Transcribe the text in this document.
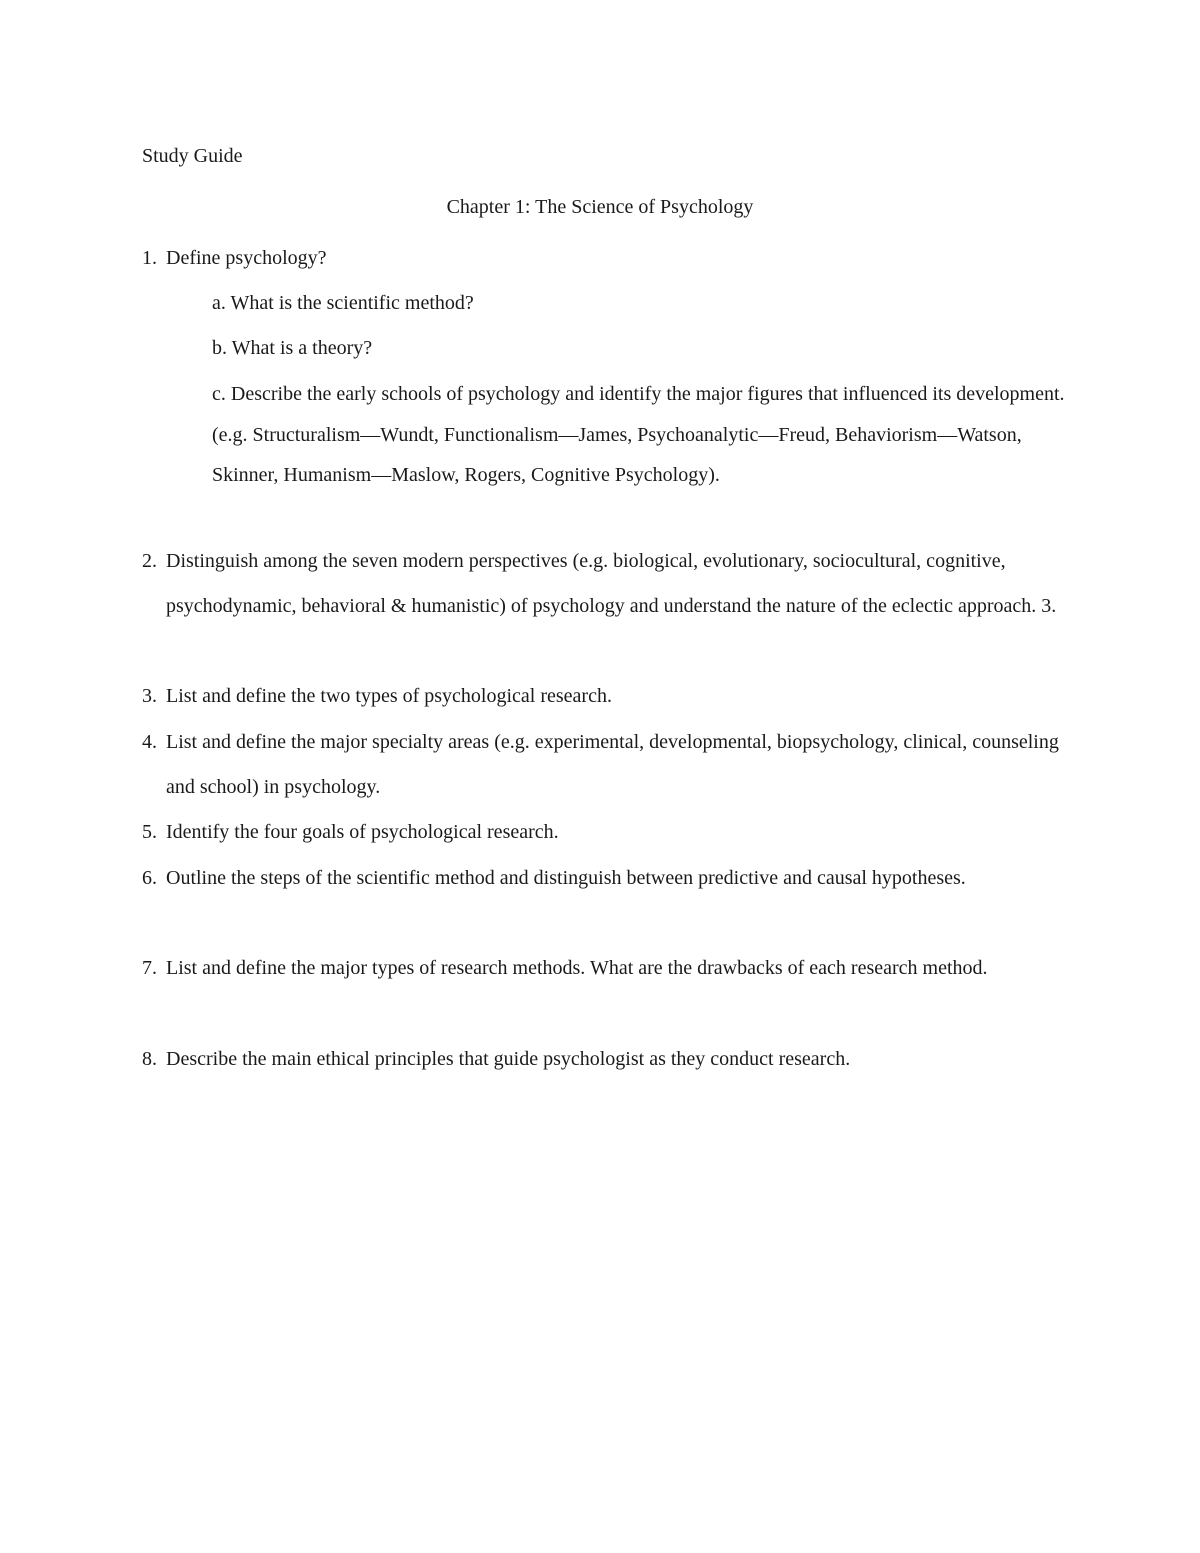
Study Guide
Chapter 1: The Science of Psychology
1. Define psychology?
a. What is the scientific method?
b. What is a theory?
c. Describe the early schools of psychology and identify the major figures that influenced its development. (e.g. Structuralism—Wundt, Functionalism—James, Psychoanalytic—Freud, Behaviorism—Watson, Skinner, Humanism—Maslow, Rogers, Cognitive Psychology).
2. Distinguish among the seven modern perspectives (e.g. biological, evolutionary, sociocultural, cognitive, psychodynamic, behavioral & humanistic) of psychology and understand the nature of the eclectic approach. 3.
3. List and define the two types of psychological research.
4. List and define the major specialty areas (e.g. experimental, developmental, biopsychology, clinical, counseling and school) in psychology.
5. Identify the four goals of psychological research.
6. Outline the steps of the scientific method and distinguish between predictive and causal hypotheses.
7. List and define the major types of research methods. What are the drawbacks of each research method.
8. Describe the main ethical principles that guide psychologist as they conduct research.
